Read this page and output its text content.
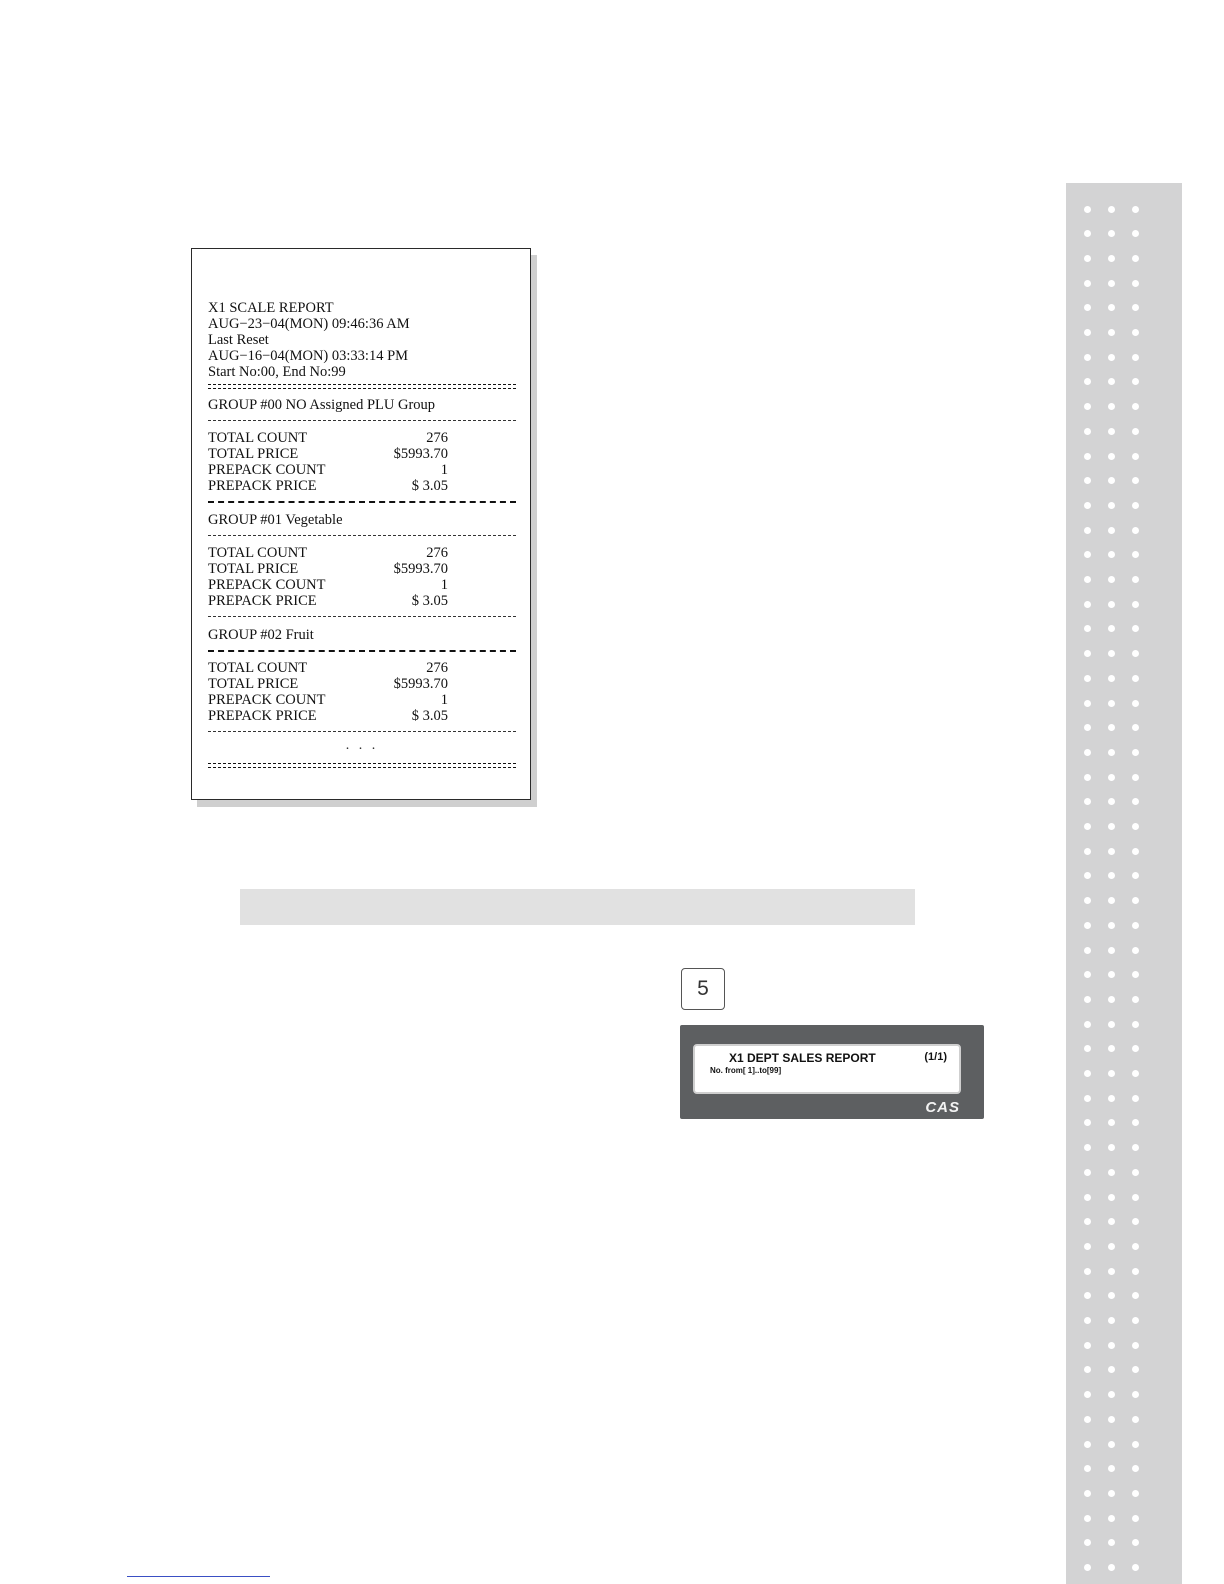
X1 SCALE REPORT
AUG−23−04(MON) 09:46:36 AM
Last Reset
AUG−16−04(MON) 03:33:14 PM
Start No:00, End No:99
GROUP #00 NO Assigned PLU Group
TOTAL COUNT	276
TOTAL PRICE	$5993.70
PREPACK COUNT	1
PREPACK PRICE	$ 3.05
GROUP #01 Vegetable
TOTAL COUNT	276
TOTAL PRICE	$5993.70
PREPACK COUNT	1
PREPACK PRICE	$ 3.05
GROUP #02 Fruit
TOTAL COUNT	276
TOTAL PRICE	$5993.70
PREPACK COUNT	1
PREPACK PRICE	$ 3.05
. . .
5
X1 DEPT SALES REPORT	(1/1)
No. from[ 1]..to[99]
CAS
